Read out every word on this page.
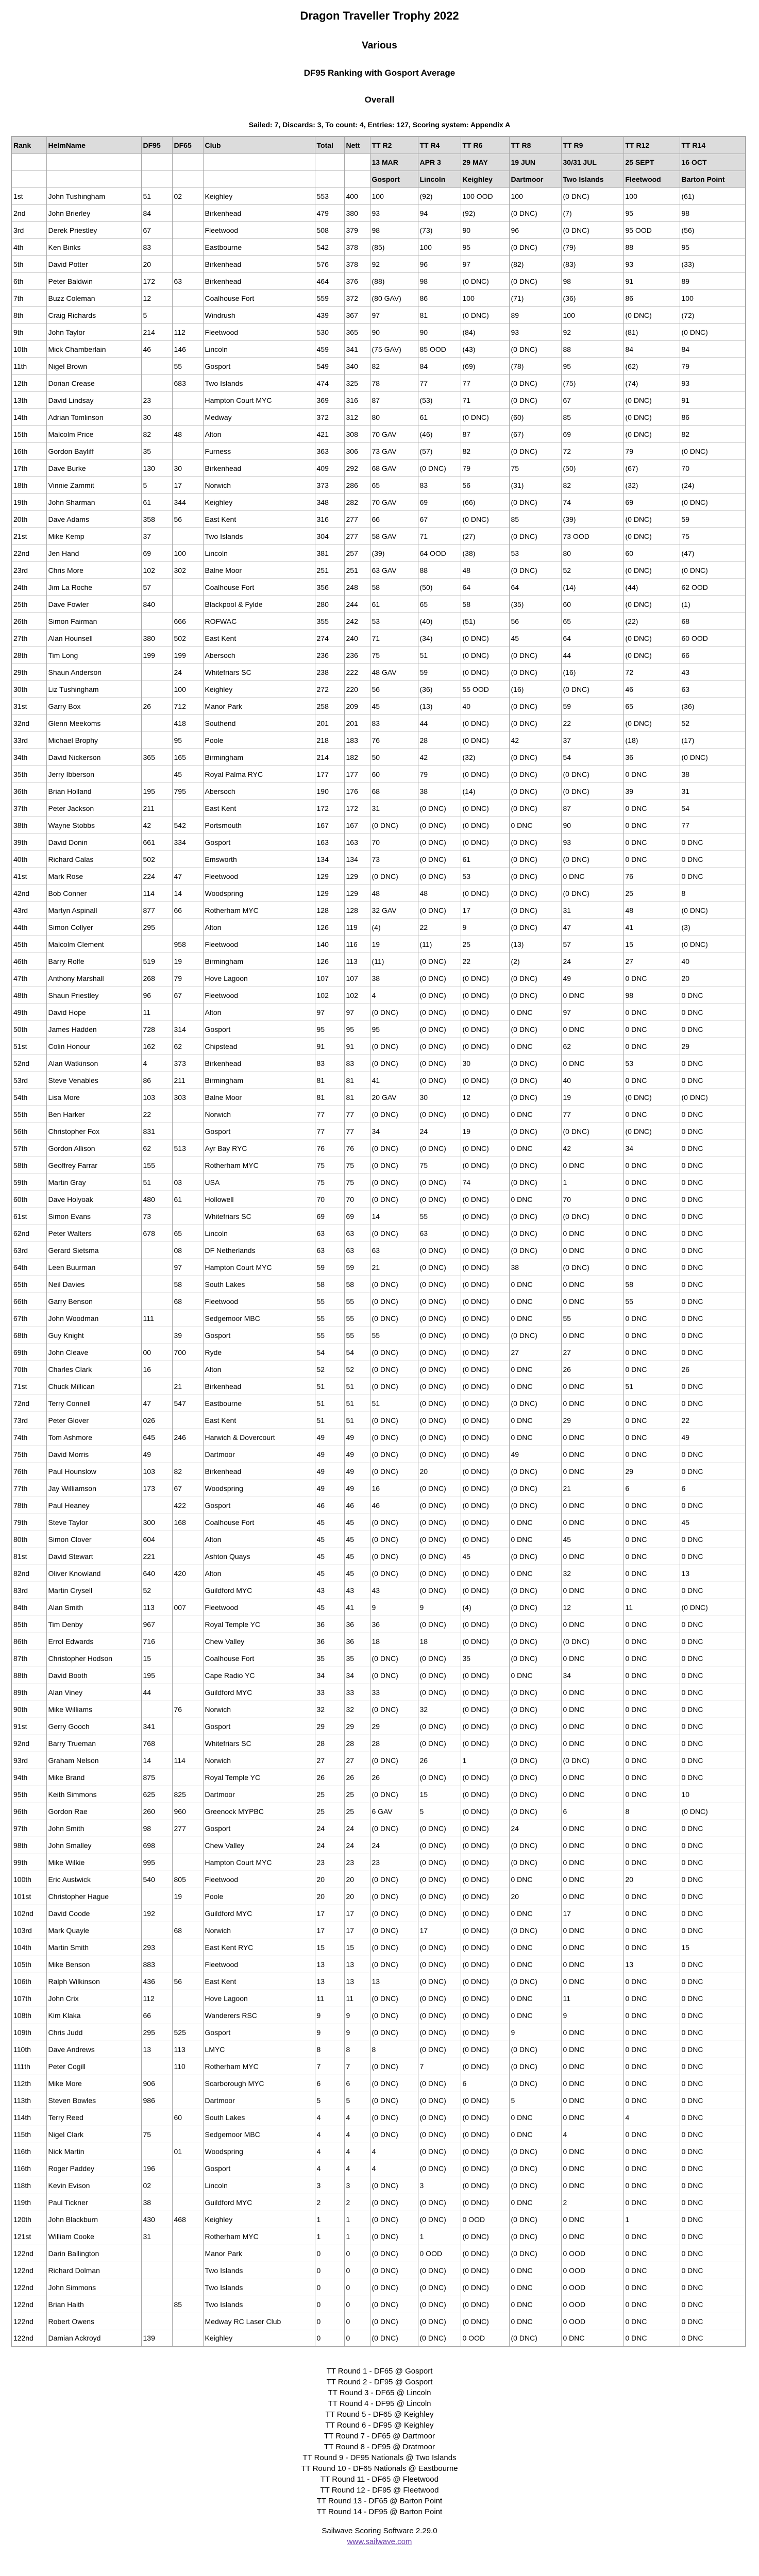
Dragon Traveller Trophy 2022
Various
DF95 Ranking with Gosport Average
Overall
Sailed: 7, Discards: 3, To count: 4, Entries: 127, Scoring system: Appendix A
Rank	HelmName	DF95	DF65	Club	Total	Nett	TT R2	TT R4	TT R6	TT R8	TT R9	TT R12	TT R14
							13 MAR	APR 3	29 MAY	19 JUN	30/31 JUL	25 SEPT	16 OCT
							Gosport	Lincoln	Keighley	Dartmoor	Two Islands	Fleetwood	Barton Point
1st	John Tushingham	51	02	Keighley	553	400	100	(92)	100 OOD	100	(0 DNC)	100	(61)
2nd	John Brierley	84		Birkenhead	479	380	93	94	(92)	(0 DNC)	(7)	95	98
3rd	Derek Priestley	67		Fleetwood	508	379	98	(73)	90	96	(0 DNC)	95 OOD	(56)
4th	Ken Binks	83		Eastbourne	542	378	(85)	100	95	(0 DNC)	(79)	88	95
5th	David Potter	20		Birkenhead	576	378	92	96	97	(82)	(83)	93	(33)
6th	Peter Baldwin	172	63	Birkenhead	464	376	(88)	98	(0 DNC)	(0 DNC)	98	91	89
7th	Buzz Coleman	12		Coalhouse Fort	559	372	(80 GAV)	86	100	(71)	(36)	86	100
8th	Craig Richards	5		Windrush	439	367	97	81	(0 DNC)	89	100	(0 DNC)	(72)
9th	John Taylor	214	112	Fleetwood	530	365	90	90	(84)	93	92	(81)	(0 DNC)
10th	Mick Chamberlain	46	146	Lincoln	459	341	(75 GAV)	85 OOD	(43)	(0 DNC)	88	84	84
11th	Nigel Brown		55	Gosport	549	340	82	84	(69)	(78)	95	(62)	79
12th	Dorian Crease		683	Two Islands	474	325	78	77	77	(0 DNC)	(75)	(74)	93
13th	David Lindsay	23		Hampton Court MYC	369	316	87	(53)	71	(0 DNC)	67	(0 DNC)	91
14th	Adrian Tomlinson	30		Medway	372	312	80	61	(0 DNC)	(60)	85	(0 DNC)	86
15th	Malcolm Price	82	48	Alton	421	308	70 GAV	(46)	87	(67)	69	(0 DNC)	82
16th	Gordon Bayliff	35		Furness	363	306	73 GAV	(57)	82	(0 DNC)	72	79	(0 DNC)
17th	Dave Burke	130	30	Birkenhead	409	292	68 GAV	(0 DNC)	79	75	(50)	(67)	70
18th	Vinnie Zammit	5	17	Norwich	373	286	65	83	56	(31)	82	(32)	(24)
19th	John Sharman	61	344	Keighley	348	282	70 GAV	69	(66)	(0 DNC)	74	69	(0 DNC)
20th	Dave Adams	358	56	East Kent	316	277	66	67	(0 DNC)	85	(39)	(0 DNC)	59
21st	Mike Kemp	37		Two Islands	304	277	58 GAV	71	(27)	(0 DNC)	73 OOD	(0 DNC)	75
22nd	Jen Hand	69	100	Lincoln	381	257	(39)	64 OOD	(38)	53	80	60	(47)
23rd	Chris More	102	302	Balne Moor	251	251	63 GAV	88	48	(0 DNC)	52	(0 DNC)	(0 DNC)
24th	Jim La Roche	57		Coalhouse Fort	356	248	58	(50)	64	64	(14)	(44)	62 OOD
25th	Dave Fowler	840		Blackpool & Fylde	280	244	61	65	58	(35)	60	(0 DNC)	(1)
26th	Simon Fairman		666	ROFWAC	355	242	53	(40)	(51)	56	65	(22)	68
27th	Alan Hounsell	380	502	East Kent	274	240	71	(34)	(0 DNC)	45	64	(0 DNC)	60 OOD
28th	Tim Long	199	199	Abersoch	236	236	75	51	(0 DNC)	(0 DNC)	44	(0 DNC)	66
29th	Shaun Anderson		24	Whitefriars SC	238	222	48 GAV	59	(0 DNC)	(0 DNC)	(16)	72	43
30th	Liz Tushingham		100	Keighley	272	220	56	(36)	55 OOD	(16)	(0 DNC)	46	63
31st	Garry Box	26	712	Manor Park	258	209	45	(13)	40	(0 DNC)	59	65	(36)
32nd	Glenn Meekoms		418	Southend	201	201	83	44	(0 DNC)	(0 DNC)	22	(0 DNC)	52
33rd	Michael Brophy		95	Poole	218	183	76	28	(0 DNC)	42	37	(18)	(17)
34th	David Nickerson	365	165	Birmingham	214	182	50	42	(32)	(0 DNC)	54	36	(0 DNC)
35th	Jerry Ibberson		45	Royal Palma RYC	177	177	60	79	(0 DNC)	(0 DNC)	(0 DNC)	0 DNC	38
36th	Brian Holland	195	795	Abersoch	190	176	68	38	(14)	(0 DNC)	(0 DNC)	39	31
37th	Peter Jackson	211		East Kent	172	172	31	(0 DNC)	(0 DNC)	(0 DNC)	87	0 DNC	54
38th	Wayne Stobbs	42	542	Portsmouth	167	167	(0 DNC)	(0 DNC)	(0 DNC)	0 DNC	90	0 DNC	77
39th	David Donin	661	334	Gosport	163	163	70	(0 DNC)	(0 DNC)	(0 DNC)	93	0 DNC	0 DNC
40th	Richard Calas	502		Emsworth	134	134	73	(0 DNC)	61	(0 DNC)	(0 DNC)	0 DNC	0 DNC
41st	Mark Rose	224	47	Fleetwood	129	129	(0 DNC)	(0 DNC)	53	(0 DNC)	0 DNC	76	0 DNC
42nd	Bob Conner	114	14	Woodspring	129	129	48	48	(0 DNC)	(0 DNC)	(0 DNC)	25	8
43rd	Martyn Aspinall	877	66	Rotherham MYC	128	128	32 GAV	(0 DNC)	17	(0 DNC)	31	48	(0 DNC)
44th	Simon Collyer	295		Alton	126	119	(4)	22	9	(0 DNC)	47	41	(3)
45th	Malcolm Clement		958	Fleetwood	140	116	19	(11)	25	(13)	57	15	(0 DNC)
46th	Barry Rolfe	519	19	Birmingham	126	113	(11)	(0 DNC)	22	(2)	24	27	40
47th	Anthony Marshall	268	79	Hove Lagoon	107	107	38	(0 DNC)	(0 DNC)	(0 DNC)	49	0 DNC	20
48th	Shaun Priestley	96	67	Fleetwood	102	102	4	(0 DNC)	(0 DNC)	(0 DNC)	0 DNC	98	0 DNC
49th	David Hope	11		Alton	97	97	(0 DNC)	(0 DNC)	(0 DNC)	0 DNC	97	0 DNC	0 DNC
50th	James Hadden	728	314	Gosport	95	95	95	(0 DNC)	(0 DNC)	(0 DNC)	0 DNC	0 DNC	0 DNC
51st	Colin Honour	162	62	Chipstead	91	91	(0 DNC)	(0 DNC)	(0 DNC)	0 DNC	62	0 DNC	29
52nd	Alan Watkinson	4	373	Birkenhead	83	83	(0 DNC)	(0 DNC)	30	(0 DNC)	0 DNC	53	0 DNC
53rd	Steve Venables	86	211	Birmingham	81	81	41	(0 DNC)	(0 DNC)	(0 DNC)	40	0 DNC	0 DNC
54th	Lisa More	103	303	Balne Moor	81	81	20 GAV	30	12	(0 DNC)	19	(0 DNC)	(0 DNC)
55th	Ben Harker	22		Norwich	77	77	(0 DNC)	(0 DNC)	(0 DNC)	0 DNC	77	0 DNC	0 DNC
56th	Christopher Fox	831		Gosport	77	77	34	24	19	(0 DNC)	(0 DNC)	(0 DNC)	0 DNC
57th	Gordon Allison	62	513	Ayr Bay RYC	76	76	(0 DNC)	(0 DNC)	(0 DNC)	0 DNC	42	34	0 DNC
58th	Geoffrey Farrar	155		Rotherham MYC	75	75	(0 DNC)	75	(0 DNC)	(0 DNC)	0 DNC	0 DNC	0 DNC
59th	Martin Gray	51	03	USA	75	75	(0 DNC)	(0 DNC)	74	(0 DNC)	1	0 DNC	0 DNC
60th	Dave Holyoak	480	61	Hollowell	70	70	(0 DNC)	(0 DNC)	(0 DNC)	0 DNC	70	0 DNC	0 DNC
61st	Simon Evans	73		Whitefriars SC	69	69	14	55	(0 DNC)	(0 DNC)	(0 DNC)	0 DNC	0 DNC
62nd	Peter Walters	678	65	Lincoln	63	63	(0 DNC)	63	(0 DNC)	(0 DNC)	0 DNC	0 DNC	0 DNC
63rd	Gerard Sietsma		08	DF Netherlands	63	63	63	(0 DNC)	(0 DNC)	(0 DNC)	0 DNC	0 DNC	0 DNC
64th	Leen Buurman		97	Hampton Court MYC	59	59	21	(0 DNC)	(0 DNC)	38	(0 DNC)	0 DNC	0 DNC
65th	Neil Davies		58	South Lakes	58	58	(0 DNC)	(0 DNC)	(0 DNC)	0 DNC	0 DNC	58	0 DNC
66th	Garry Benson		68	Fleetwood	55	55	(0 DNC)	(0 DNC)	(0 DNC)	0 DNC	0 DNC	55	0 DNC
67th	John Woodman	111		Sedgemoor MBC	55	55	(0 DNC)	(0 DNC)	(0 DNC)	0 DNC	55	0 DNC	0 DNC
68th	Guy Knight		39	Gosport	55	55	55	(0 DNC)	(0 DNC)	(0 DNC)	0 DNC	0 DNC	0 DNC
69th	John Cleave	00	700	Ryde	54	54	(0 DNC)	(0 DNC)	(0 DNC)	27	27	0 DNC	0 DNC
70th	Charles Clark	16		Alton	52	52	(0 DNC)	(0 DNC)	(0 DNC)	0 DNC	26	0 DNC	26
71st	Chuck Millican		21	Birkenhead	51	51	(0 DNC)	(0 DNC)	(0 DNC)	0 DNC	0 DNC	51	0 DNC
72nd	Terry Connell	47	547	Eastbourne	51	51	51	(0 DNC)	(0 DNC)	(0 DNC)	0 DNC	0 DNC	0 DNC
73rd	Peter Glover	026		East Kent	51	51	(0 DNC)	(0 DNC)	(0 DNC)	0 DNC	29	0 DNC	22
74th	Tom Ashmore	645	246	Harwich & Dovercourt	49	49	(0 DNC)	(0 DNC)	(0 DNC)	0 DNC	0 DNC	0 DNC	49
75th	David Morris	49		Dartmoor	49	49	(0 DNC)	(0 DNC)	(0 DNC)	49	0 DNC	0 DNC	0 DNC
76th	Paul Hounslow	103	82	Birkenhead	49	49	(0 DNC)	20	(0 DNC)	(0 DNC)	0 DNC	29	0 DNC
77th	Jay Williamson	173	67	Woodspring	49	49	16	(0 DNC)	(0 DNC)	(0 DNC)	21	6	6
78th	Paul Heaney		422	Gosport	46	46	46	(0 DNC)	(0 DNC)	(0 DNC)	0 DNC	0 DNC	0 DNC
79th	Steve Taylor	300	168	Coalhouse Fort	45	45	(0 DNC)	(0 DNC)	(0 DNC)	0 DNC	0 DNC	0 DNC	45
80th	Simon Clover	604		Alton	45	45	(0 DNC)	(0 DNC)	(0 DNC)	0 DNC	45	0 DNC	0 DNC
81st	David Stewart	221		Ashton Quays	45	45	(0 DNC)	(0 DNC)	45	(0 DNC)	0 DNC	0 DNC	0 DNC
82nd	Oliver Knowland	640	420	Alton	45	45	(0 DNC)	(0 DNC)	(0 DNC)	0 DNC	32	0 DNC	13
83rd	Martin Crysell	52		Guildford MYC	43	43	43	(0 DNC)	(0 DNC)	(0 DNC)	0 DNC	0 DNC	0 DNC
84th	Alan Smith	113	007	Fleetwood	45	41	9	9	(4)	(0 DNC)	12	11	(0 DNC)
85th	Tim Denby	967		Royal Temple YC	36	36	36	(0 DNC)	(0 DNC)	(0 DNC)	0 DNC	0 DNC	0 DNC
86th	Errol Edwards	716		Chew Valley	36	36	18	18	(0 DNC)	(0 DNC)	(0 DNC)	0 DNC	0 DNC
87th	Christopher Hodson	15		Coalhouse Fort	35	35	(0 DNC)	(0 DNC)	35	(0 DNC)	0 DNC	0 DNC	0 DNC
88th	David Booth	195		Cape Radio YC	34	34	(0 DNC)	(0 DNC)	(0 DNC)	0 DNC	34	0 DNC	0 DNC
89th	Alan Viney	44		Guildford MYC	33	33	33	(0 DNC)	(0 DNC)	(0 DNC)	0 DNC	0 DNC	0 DNC
90th	Mike Williams		76	Norwich	32	32	(0 DNC)	32	(0 DNC)	(0 DNC)	0 DNC	0 DNC	0 DNC
91st	Gerry Gooch	341		Gosport	29	29	29	(0 DNC)	(0 DNC)	(0 DNC)	0 DNC	0 DNC	0 DNC
92nd	Barry Trueman	768		Whitefriars SC	28	28	28	(0 DNC)	(0 DNC)	(0 DNC)	0 DNC	0 DNC	0 DNC
93rd	Graham Nelson	14	114	Norwich	27	27	(0 DNC)	26	1	(0 DNC)	(0 DNC)	0 DNC	0 DNC
94th	Mike Brand	875		Royal Temple YC	26	26	26	(0 DNC)	(0 DNC)	(0 DNC)	0 DNC	0 DNC	0 DNC
95th	Keith Simmons	625	825	Dartmoor	25	25	(0 DNC)	15	(0 DNC)	(0 DNC)	0 DNC	0 DNC	10
96th	Gordon Rae	260	960	Greenock MYPBC	25	25	6 GAV	5	(0 DNC)	(0 DNC)	6	8	(0 DNC)
97th	John Smith	98	277	Gosport	24	24	(0 DNC)	(0 DNC)	(0 DNC)	24	0 DNC	0 DNC	0 DNC
98th	John Smalley	698		Chew Valley	24	24	24	(0 DNC)	(0 DNC)	(0 DNC)	0 DNC	0 DNC	0 DNC
99th	Mike Wilkie	995		Hampton Court MYC	23	23	23	(0 DNC)	(0 DNC)	(0 DNC)	0 DNC	0 DNC	0 DNC
100th	Eric Austwick	540	805	Fleetwood	20	20	(0 DNC)	(0 DNC)	(0 DNC)	0 DNC	0 DNC	20	0 DNC
101st	Christopher Hague		19	Poole	20	20	(0 DNC)	(0 DNC)	(0 DNC)	20	0 DNC	0 DNC	0 DNC
102nd	David Coode	192		Guildford MYC	17	17	(0 DNC)	(0 DNC)	(0 DNC)	0 DNC	17	0 DNC	0 DNC
103rd	Mark Quayle		68	Norwich	17	17	(0 DNC)	17	(0 DNC)	(0 DNC)	0 DNC	0 DNC	0 DNC
104th	Martin Smith	293		East Kent RYC	15	15	(0 DNC)	(0 DNC)	(0 DNC)	0 DNC	0 DNC	0 DNC	15
105th	Mike Benson	883		Fleetwood	13	13	(0 DNC)	(0 DNC)	(0 DNC)	0 DNC	0 DNC	13	0 DNC
106th	Ralph Wilkinson	436	56	East Kent	13	13	13	(0 DNC)	(0 DNC)	(0 DNC)	0 DNC	0 DNC	0 DNC
107th	John Crix	112		Hove Lagoon	11	11	(0 DNC)	(0 DNC)	(0 DNC)	0 DNC	11	0 DNC	0 DNC
108th	Kim Klaka	66		Wanderers RSC	9	9	(0 DNC)	(0 DNC)	(0 DNC)	0 DNC	9	0 DNC	0 DNC
109th	Chris Judd	295	525	Gosport	9	9	(0 DNC)	(0 DNC)	(0 DNC)	9	0 DNC	0 DNC	0 DNC
110th	Dave Andrews	13	113	LMYC	8	8	8	(0 DNC)	(0 DNC)	(0 DNC)	0 DNC	0 DNC	0 DNC
111th	Peter Cogill		110	Rotherham MYC	7	7	(0 DNC)	7	(0 DNC)	(0 DNC)	0 DNC	0 DNC	0 DNC
112th	Mike More	906		Scarborough MYC	6	6	(0 DNC)	(0 DNC)	6	(0 DNC)	0 DNC	0 DNC	0 DNC
113th	Steven Bowles	986		Dartmoor	5	5	(0 DNC)	(0 DNC)	(0 DNC)	5	0 DNC	0 DNC	0 DNC
114th	Terry Reed		60	South Lakes	4	4	(0 DNC)	(0 DNC)	(0 DNC)	0 DNC	0 DNC	4	0 DNC
115th	Nigel Clark	75		Sedgemoor MBC	4	4	(0 DNC)	(0 DNC)	(0 DNC)	0 DNC	4	0 DNC	0 DNC
116th	Nick Martin		01	Woodspring	4	4	4	(0 DNC)	(0 DNC)	(0 DNC)	0 DNC	0 DNC	0 DNC
116th	Roger Paddey	196		Gosport	4	4	4	(0 DNC)	(0 DNC)	(0 DNC)	0 DNC	0 DNC	0 DNC
118th	Kevin Evison	02		Lincoln	3	3	(0 DNC)	3	(0 DNC)	(0 DNC)	0 DNC	0 DNC	0 DNC
119th	Paul Tickner	38		Guildford MYC	2	2	(0 DNC)	(0 DNC)	(0 DNC)	0 DNC	2	0 DNC	0 DNC
120th	John Blackburn	430	468	Keighley	1	1	(0 DNC)	(0 DNC)	0 OOD	(0 DNC)	0 DNC	1	0 DNC
121st	William Cooke	31		Rotherham MYC	1	1	(0 DNC)	1	(0 DNC)	(0 DNC)	0 DNC	0 DNC	0 DNC
122nd	Darin Ballington			Manor Park	0	0	(0 DNC)	0 OOD	(0 DNC)	(0 DNC)	0 OOD	0 DNC	0 DNC
122nd	Richard Dolman			Two Islands	0	0	(0 DNC)	(0 DNC)	(0 DNC)	0 DNC	0 OOD	0 DNC	0 DNC
122nd	John Simmons			Two Islands	0	0	(0 DNC)	(0 DNC)	(0 DNC)	0 DNC	0 OOD	0 DNC	0 DNC
122nd	Brian Haith		85	Two Islands	0	0	(0 DNC)	(0 DNC)	(0 DNC)	0 DNC	0 OOD	0 DNC	0 DNC
122nd	Robert Owens			Medway RC Laser Club	0	0	(0 DNC)	(0 DNC)	(0 DNC)	0 DNC	0 OOD	0 DNC	0 DNC
122nd	Damian Ackroyd	139		Keighley	0	0	(0 DNC)	(0 DNC)	0 OOD	(0 DNC)	0 DNC	0 DNC	0 DNC
TT Round 1 - DF65 @ Gosport
TT Round 2 - DF95 @ Gosport
TT Round 3 - DF65 @ Lincoln
TT Round 4 - DF95 @ Lincoln
TT Round 5 - DF65 @ Keighley
TT Round 6 - DF95 @ Keighley
TT Round 7 - DF65 @ Dartmoor
TT Round 8 - DF95 @ Dratmoor
TT Round 9 - DF95 Nationals @ Two Islands
TT Round 10 - DF65 Nationals @ Eastbourne
TT Round 11 - DF65 @ Fleetwood
TT Round 12 - DF95 @ Fleetwood
TT Round 13 - DF65 @ Barton Point
TT Round 14 - DF95 @ Barton Point
Sailwave Scoring Software 2.29.0
www.sailwave.com
